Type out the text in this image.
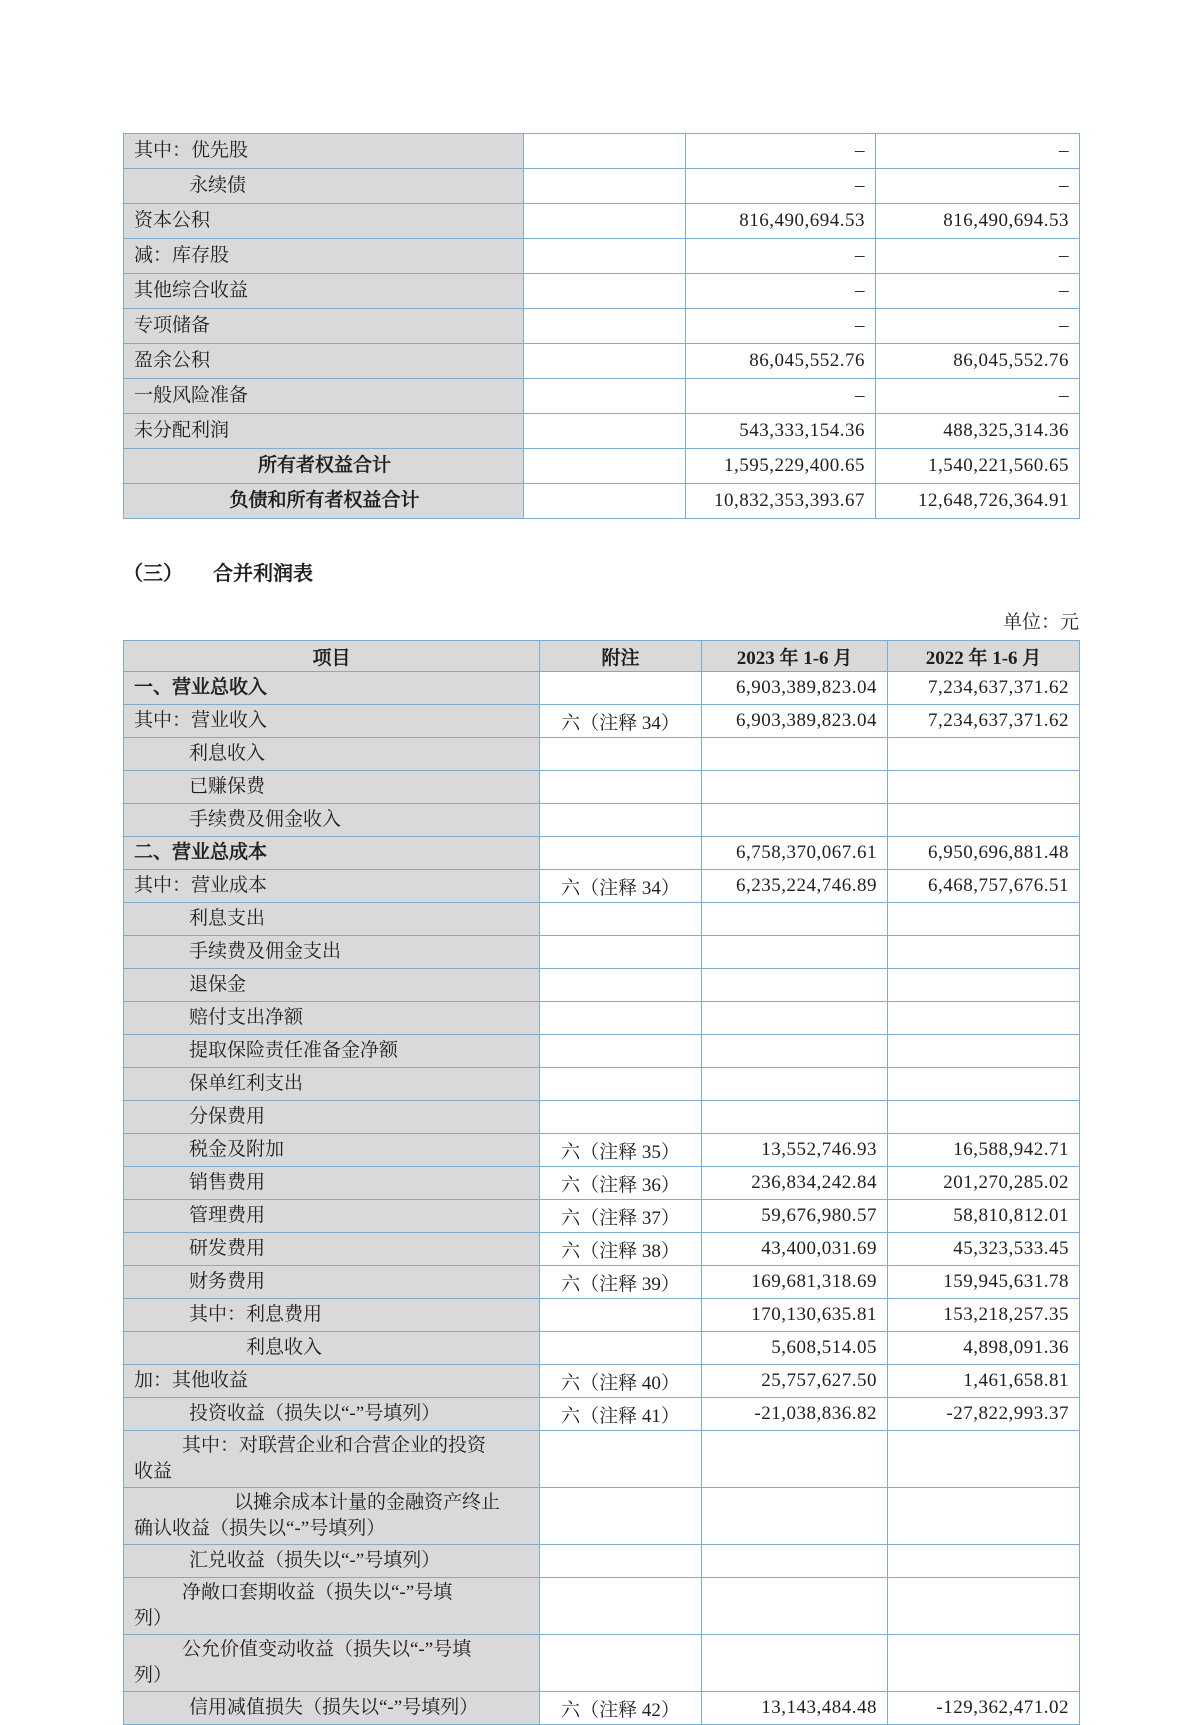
其中：优先股		–	–
永续债		–	–
资本公积		816,490,694.53	816,490,694.53
减：库存股		–	–
其他综合收益		–	–
专项储备		–	–
盈余公积		86,045,552.76	86,045,552.76
一般风险准备		–	–
未分配利润		543,333,154.36	488,325,314.36
所有者权益合计		1,595,229,400.65	1,540,221,560.65
负债和所有者权益合计		10,832,353,393.67	12,648,726,364.91
（三） 合并利润表
单位：元
项目	附注	2023 年 1-6 月	2022 年 1-6 月
一、营业总收入		6,903,389,823.04	7,234,637,371.62
其中：营业收入	六（注释 34）	6,903,389,823.04	7,234,637,371.62
利息收入			
已赚保费			
手续费及佣金收入			
二、营业总成本		6,758,370,067.61	6,950,696,881.48
其中：营业成本	六（注释 34）	6,235,224,746.89	6,468,757,676.51
利息支出			
手续费及佣金支出			
退保金			
赔付支出净额			
提取保险责任准备金净额			
保单红利支出			
分保费用			
税金及附加	六（注释 35）	13,552,746.93	16,588,942.71
销售费用	六（注释 36）	236,834,242.84	201,270,285.02
管理费用	六（注释 37）	59,676,980.57	58,810,812.01
研发费用	六（注释 38）	43,400,031.69	45,323,533.45
财务费用	六（注释 39）	169,681,318.69	159,945,631.78
其中：利息费用		170,130,635.81	153,218,257.35
利息收入		5,608,514.05	4,898,091.36
加：其他收益	六（注释 40）	25,757,627.50	1,461,658.81
投资收益（损失以“-”号填列）	六（注释 41）	-21,038,836.82	-27,822,993.37
其中：对联营企业和合营企业的投资
收益			
以摊余成本计量的金融资产终止
确认收益（损失以“-”号填列）			
汇兑收益（损失以“-”号填列）			
净敞口套期收益（损失以“-”号填
列）			
公允价值变动收益（损失以“-”号填
列）			
信用减值损失（损失以“-”号填列）	六（注释 42）	13,143,484.48	-129,362,471.02
